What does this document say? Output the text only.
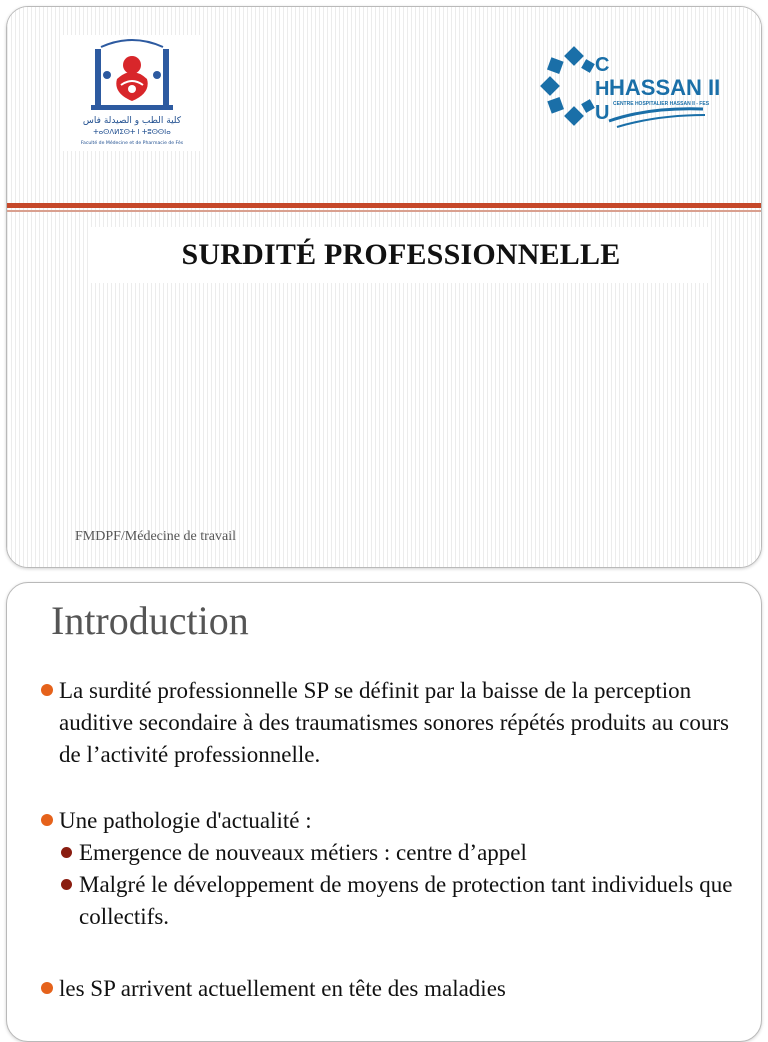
كلية الطب و الصيدلة فاس
ⵜⴰⵙⴷⵍⵉⵙⵜ ⵏ ⵜⵓⵙⵙⵏⴰ
Faculté de Médecine et de Pharmacie de Fès
C
H
U
HASSAN II
CENTRE HOSPITALIER HASSAN II - FES
SURDITÉ PROFESSIONNELLE
FMDPF/Médecine de travail
Introduction
La surdité professionnelle SP se définit par la baisse de la perception auditive secondaire à des traumatismes sonores répétés produits au cours de l’activité professionnelle.
Une pathologie d'actualité :
Emergence de nouveaux métiers : centre d’appel
Malgré le développement de moyens de protection tant individuels que collectifs.
les SP arrivent actuellement en tête des maladies
